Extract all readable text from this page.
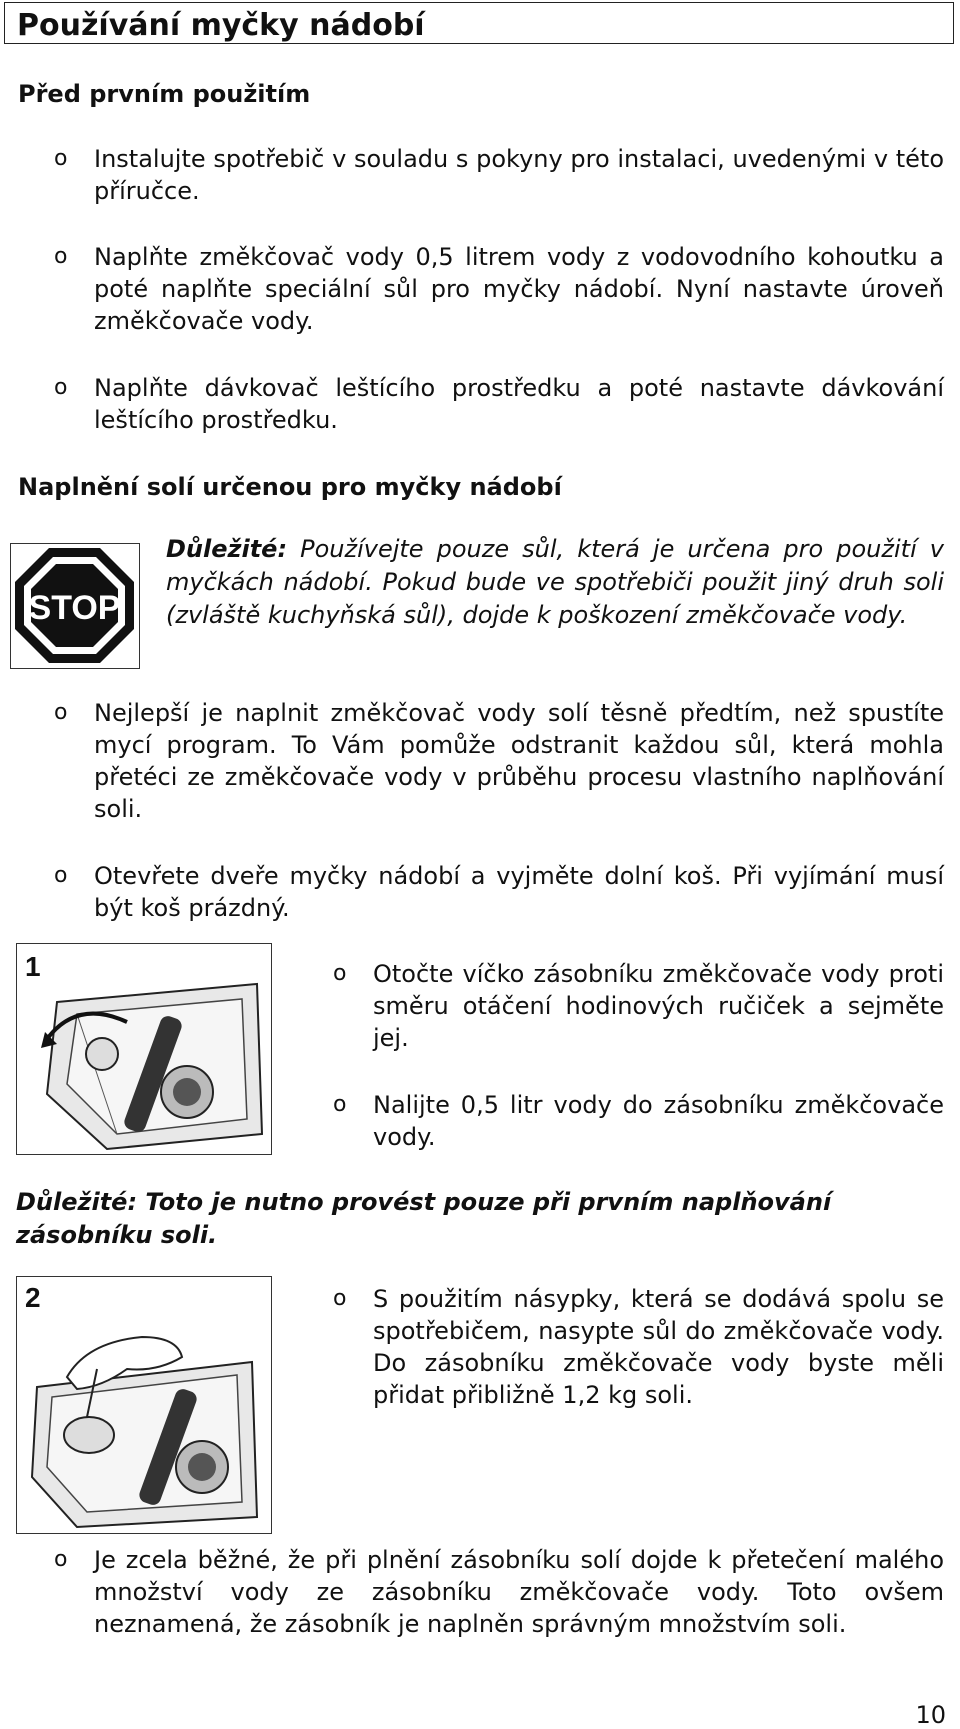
Používání myčky nádobí
Před prvním použitím
o Instalujte spotřebič v souladu s pokyny pro instalaci, uvedenými v této příručce.
o Naplňte změkčovač vody 0,5 litrem vody z vodovodního kohoutku a poté naplňte speciální sůl pro myčky nádobí. Nyní nastavte úroveň změkčovače vody.
o Naplňte dávkovač leštícího prostředku a poté nastavte dávkování leštícího prostředku.
Naplnění solí určenou pro myčky nádobí
STOP
Důležité: Používejte pouze sůl, která je určena pro použití v myčkách nádobí. Pokud bude ve spotřebiči použit jiný druh soli (zvláště kuchyňská sůl), dojde k poškození změkčovače vody.
o Nejlepší je naplnit změkčovač vody solí těsně předtím, než spustíte mycí program. To Vám pomůže odstranit každou sůl, která mohla přetéci ze změkčovače vody v průběhu procesu vlastního naplňování soli.
o Otevřete dveře myčky nádobí a vyjměte dolní koš. Při vyjímání musí být koš prázdný.
1	o Otočte víčko zásobníku změkčovače vody proti směru otáčení hodinových ručiček a sejměte jej.
o Nalijte 0,5 litr vody do zásobníku změkčovače vody.
Důležité: Toto je nutno provést pouze při prvním naplňování zásobníku soli.
2	o S použitím násypky, která se dodává spolu se spotřebičem, nasypte sůl do změkčovače vody. Do zásobníku změkčovače vody byste měli přidat přibližně 1,2 kg soli.
o Je zcela běžné, že při plnění zásobníku solí dojde k přetečení malého množství vody ze zásobníku změkčovače vody. Toto ovšem neznamená, že zásobník je naplněn správným množstvím soli.
10
